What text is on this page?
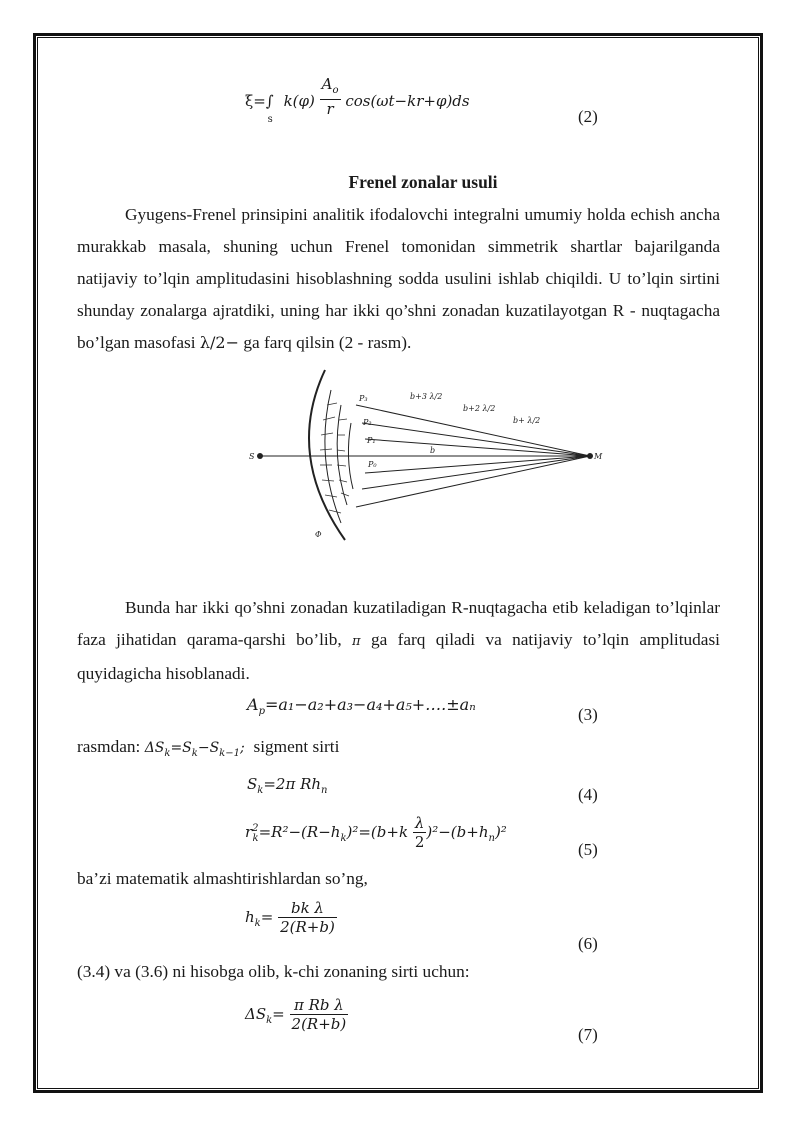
$\xi=\int_s$ $k(\varphi) \frac{A_o}{r} \cos(\omega t-kr+\varphi)ds$
(2)
Frenel zonalar usuli

Gyugens-Frenel prinsipini analitik ifodalovchi integralni umumiy holda echish ancha murakkab masala, shuning uchun Frenel tomonidan simmetrik shartlar bajarilganda natijaviy to’lqin amplitudasini hisoblashning sodda usulini ishlab chiqildi. U to’lqin sirtini shunday zonalarga ajratdiki, uning har ikki qo’shni zonadan kuzatilayotgan R - nuqtagacha bo’lgan masofasi λ/2− ga farq qilsin (2 - rasm).

S	M
b
b+3 λ/2
b+2 λ/2
b+ λ/2
P₃
P₂
P₁
P₀
Φ

Bunda har ikki qo’shni zonadan kuzatiladigan R-nuqtagacha etib keladigan to’lqinlar faza jihatidan qarama-qarshi bo’lib, π ga farq qiladi va natijaviy to’lqin amplitudasi quyidagicha hisoblanadi.

$A_p=a_1-a_2+a_3-a_4+a_5+\dots.\pm a_n$
(3)
rasmdan: $\Delta S_k=S_k-S_{k-1}$; sigment sirti
$S_k=2\pi$ $Rh_n$	(4)
$r^2_k=R^2-(R-h_k)^2=(b+k \frac{\lambda}{2} )^2-(b+h_n)^2$
(5)
ba’zi matematik almashtirishlardan so’ng,
$h_k= \frac{\text{bk λ}}{2(R+b)}$
(6)
(3.4) va (3.6) ni hisobga olib, k-chi zonaning sirti uchun:
$\Delta S_k= \frac{\text{π Rb λ}}{2(R+b)}$
(7)
